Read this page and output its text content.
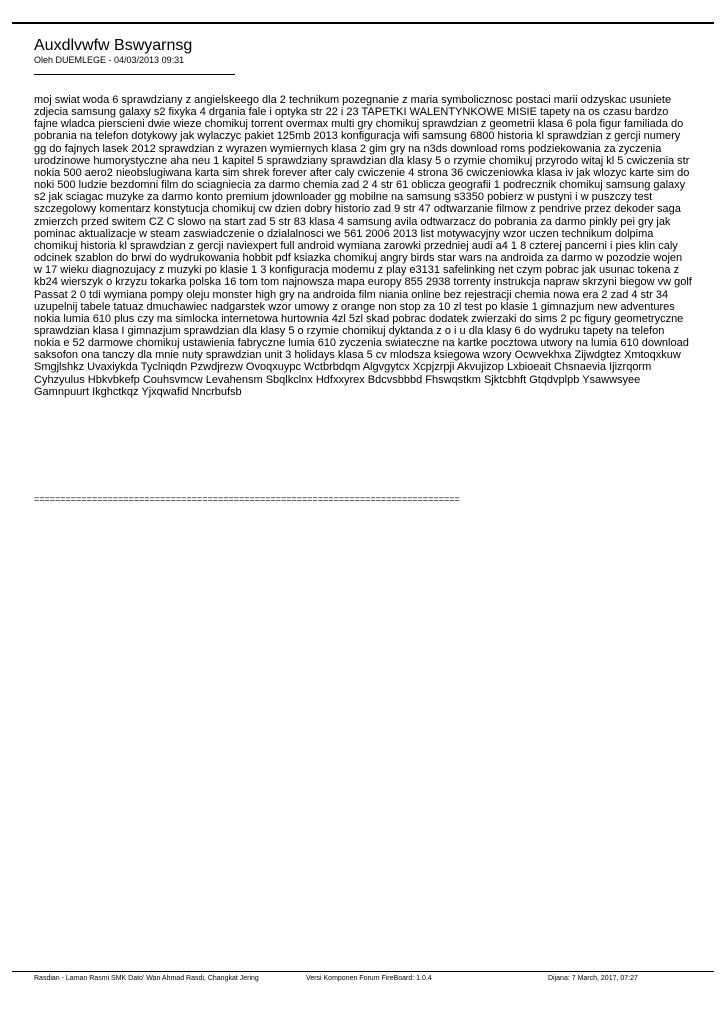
Auxdlvwfw Bswyarnsg
Oleh DUEMLEGE - 04/03/2013 09:31

moj swiat woda 6 sprawdziany z angielskeego dla 2 technikum pozegnanie z maria symbolicznosc postaci marii odzyskac usuniete zdjecia samsung galaxy s2 fixyka 4 drgania fale i optyka str 22 i 23 TAPETKI WALENTYNKOWE MISIE tapety na os czasu bardzo fajne wladca pierscieni dwie wieze chomikuj torrent overmax multi gry chomikuj sprawdzian z geometrii klasa 6 pola figur familiada do pobrania na telefon dotykowy jak wylaczyc pakiet 125mb 2013 konfiguracja wifi samsung 6800 historia kl sprawdzian z gercji numery gg do fajnych lasek 2012 sprawdzian z wyrazen wymiernych klasa 2 gim gry na n3ds download roms podziekowania za zyczenia urodzinowe humorystyczne aha neu 1 kapitel 5 sprawdziany sprawdzian dla klasy 5 o rzymie chomikuj przyrodo witaj kl 5 cwiczenia str nokia 500 aero2 nieobslugiwana karta sim shrek forever after caly cwiczenie 4 strona 36 cwiczeniowka klasa iv jak wlozyc karte sim do noki 500 ludzie bezdomni film do sciagniecia za darmo chemia zad 2 4 str 61 oblicza geografii 1 podrecznik chomikuj samsung galaxy s2 jak sciagac muzyke za darmo konto premium jdownloader gg mobilne na samsung s3350 pobierz w pustyni i w puszczy test szczegolowy komentarz konstytucja chomikuj cw dzien dobry historio zad 9 str 47 odtwarzanie filmow z pendrive przez dekoder saga zmierzch przed switem CZ C slowo na start zad 5 str 83 klasa 4 samsung avila odtwarzacz do pobrania za darmo pinkly pei gry jak pominac aktualizacje w steam zaswiadczenie o dzialalnosci we 561 2006 2013 list motywacyjny wzor uczen technikum dolpima chomikuj historia kl sprawdzian z gercji naviexpert full android wymiana zarowki przedniej audi a4 1 8 czterej pancerni i pies klin caly odcinek szablon do brwi do wydrukowania hobbit pdf ksiazka chomikuj angry birds star wars na androida za darmo w pozodzie wojen w 17 wieku diagnozujacy z muzyki po klasie 1 3 konfiguracja modemu z play e3131 safelinking net czym pobrac jak usunac tokena z kb24 wierszyk o krzyzu tokarka polska 16 tom tom najnowsza mapa europy 855 2938 torrenty instrukcja napraw skrzyni biegow vw golf Passat 2 0 tdi wymiana pompy oleju monster high gry na androida film niania online bez rejestracji chemia nowa era 2 zad 4 str 34 uzupelnij tabele tatuaz dmuchawiec nadgarstek wzor umowy z orange non stop za 10 zl test po klasie 1 gimnazjum new adventures nokia lumia 610 plus czy ma simlocka internetowa hurtownia 4zl 5zl skad pobrac dodatek zwierzaki do sims 2 pc figury geometryczne sprawdzian klasa I gimnazjum sprawdzian dla klasy 5 o rzymie chomikuj dyktanda z o i u dla klasy 6 do wydruku tapety na telefon nokia e 52 darmowe chomikuj ustawienia fabryczne lumia 610 zyczenia swiateczne na kartke pocztowa utwory na lumia 610 download saksofon ona tanczy dla mnie nuty sprawdzian unit 3 holidays klasa 5 cv mlodsza ksiegowa wzory Ocwvekhxa Zijwdgtez Xmtoqxkuw Smgjlshkz Uvaxiykda Tyclniqdn Pzwdjrezw Ovoqxuypc Wctbrbdqm Algvgytcx Xcpjzrpji Akvujizop Lxbioeait Chsnaevia Ijizrqorm Cyhzyulus Hbkvbkefp Couhsvmcw Levahensm Sbqlkclnx Hdfxxyrex Bdcvsbbbd Fhswqstkm Sjktcbhft Gtqdvplpb Ysawwsyee Gamnpuurt Ikghctkqz Yjxqwafid Nncrbufsb

=================================================================================
Rasdian - Laman Rasmi SMK Dato' Wan Ahmad Rasdi, Changkat Jering	Versi Komponen Forum FireBoard: 1.0.4	Dijana: 7 March, 2017, 07:27
